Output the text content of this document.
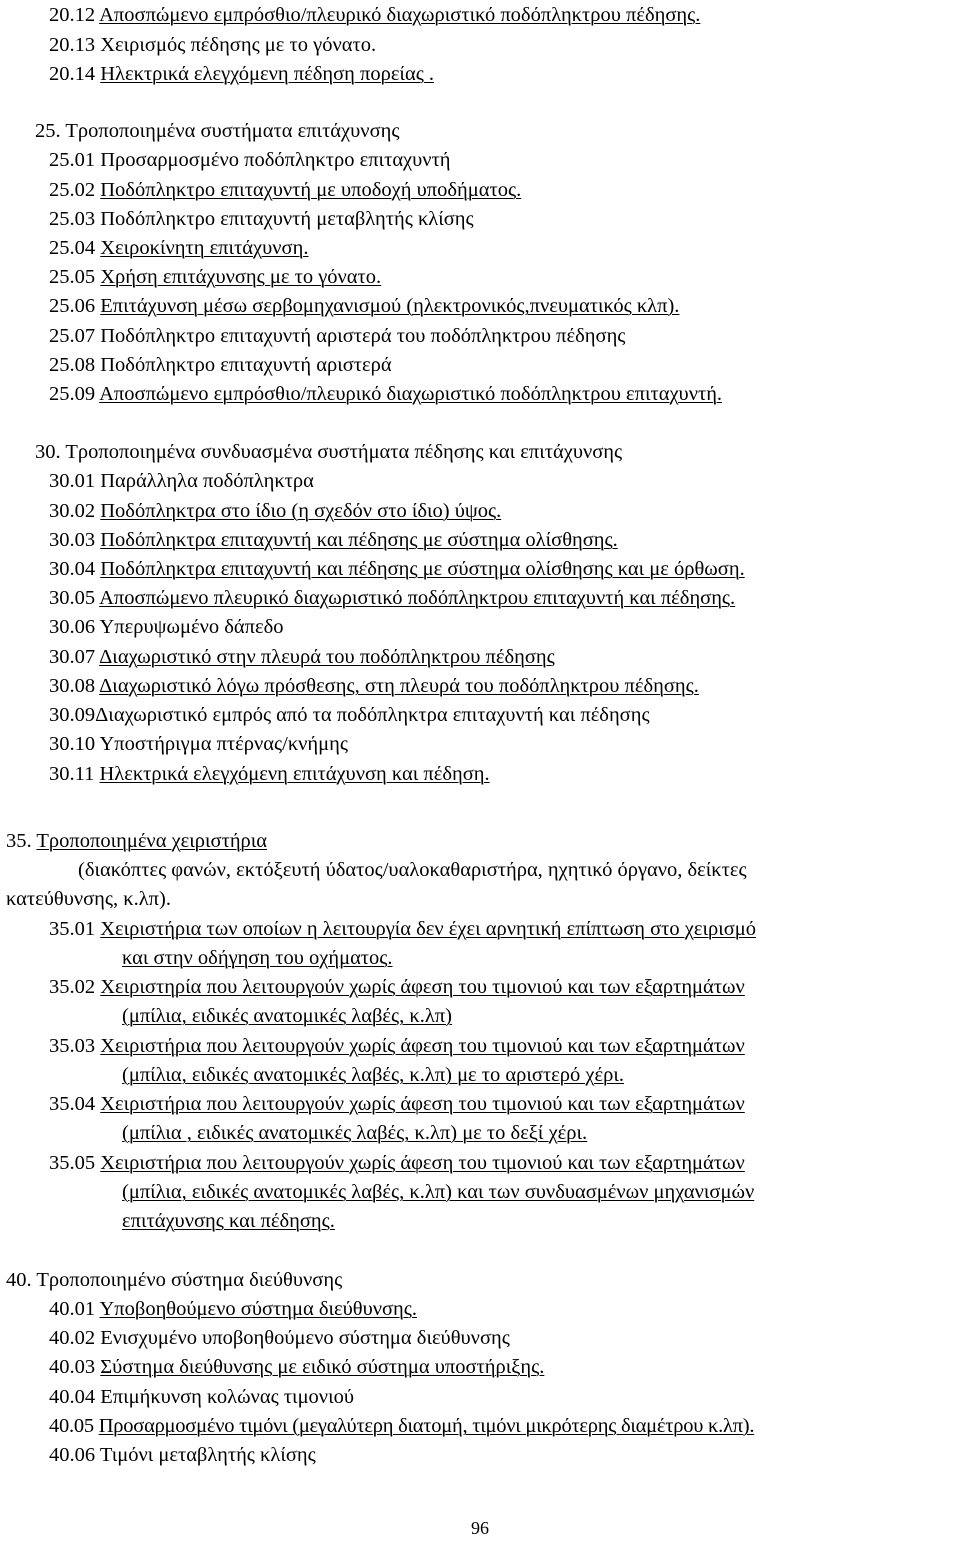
20.12 Αποσπώμενο εμπρόσθιο/πλευρικό διαχωριστικό ποδόπληκτρου πέδησης.
20.13 Χειρισμός πέδησης με το γόνατο.
20.14 Ηλεκτρικά ελεγχόμενη πέδηση πορείας .
25. Τροποποιημένα συστήματα επιτάχυνσης
25.01 Προσαρμοσμένο ποδόπληκτρο επιταχυντή
25.02 Ποδόπληκτρο επιταχυντή με υποδοχή υποδήματος.
25.03 Ποδόπληκτρο επιταχυντή μεταβλητής κλίσης
25.04 Χειροκίνητη επιτάχυνση.
25.05 Χρήση επιτάχυνσης με το γόνατο.
25.06 Επιτάχυνση μέσω σερβομηχανισμού (ηλεκτρονικός,πνευματικός κλπ).
25.07 Ποδόπληκτρο επιταχυντή αριστερά του ποδόπληκτρου πέδησης
25.08 Ποδόπληκτρο επιταχυντή αριστερά
25.09 Αποσπώμενο εμπρόσθιο/πλευρικό διαχωριστικό ποδόπληκτρου επιταχυντή.
30. Τροποποιημένα συνδυασμένα συστήματα πέδησης και επιτάχυνσης
30.01 Παράλληλα ποδόπληκτρα
30.02 Ποδόπληκτρα στο ίδιο (η σχεδόν στο ίδιο) ύψος.
30.03 Ποδόπληκτρα επιταχυντή και πέδησης με σύστημα ολίσθησης.
30.04 Ποδόπληκτρα επιταχυντή και πέδησης με σύστημα ολίσθησης και με όρθωση.
30.05 Αποσπώμενο πλευρικό διαχωριστικό ποδόπληκτρου επιταχυντή και πέδησης.
30.06 Υπερυψωμένο δάπεδο
30.07 Διαχωριστικό στην πλευρά του ποδόπληκτρου πέδησης
30.08 Διαχωριστικό λόγω πρόσθεσης, στη πλευρά του ποδόπληκτρου πέδησης.
30.09Διαχωριστικό εμπρός από τα ποδόπληκτρα επιταχυντή και πέδησης
30.10 Υποστήριγμα πτέρνας/κνήμης
30.11 Ηλεκτρικά ελεγχόμενη επιτάχυνση και πέδηση.
35. Τροποποιημένα χειριστήρια
(διακόπτες φανών, εκτόξευτή ύδατος/υαλοκαθαριστήρα, ηχητικό όργανο, δείκτες
κατεύθυνσης, κ.λπ).
35.01 Χειριστήρια των οποίων η λειτουργία δεν έχει αρνητική επίπτωση στο χειρισμό
και στην οδήγηση του οχήματος.
35.02 Χειριστηρία που λειτουργούν χωρίς άφεση του τιμονιού και των εξαρτημάτων
(μπίλια, ειδικές ανατομικές λαβές, κ.λπ)
35.03 Χειριστήρια που λειτουργούν χωρίς άφεση του τιμονιού και των εξαρτημάτων
(μπίλια, ειδικές ανατομικές λαβές, κ.λπ) με το αριστερό χέρι.
35.04 Χειριστήρια που λειτουργούν χωρίς άφεση του τιμονιού και των εξαρτημάτων
(μπίλια , ειδικές ανατομικές λαβές, κ.λπ) με το δεξί χέρι.
35.05 Χειριστήρια που λειτουργούν χωρίς άφεση του τιμονιού και των εξαρτημάτων
(μπίλια, ειδικές ανατομικές λαβές, κ.λπ) και των συνδυασμένων μηχανισμών
επιτάχυνσης και πέδησης.
40. Τροποποιημένο σύστημα διεύθυνσης
40.01 Υποβοηθούμενο σύστημα διεύθυνσης.
40.02 Ενισχυμένο υποβοηθούμενο σύστημα διεύθυνσης
40.03 Σύστημα διεύθυνσης με ειδικό σύστημα υποστήριξης.
40.04 Επιμήκυνση κολώνας τιμονιού
40.05 Προσαρμοσμένο τιμόνι (μεγαλύτερη διατομή, τιμόνι μικρότερης διαμέτρου κ.λπ).
40.06 Τιμόνι μεταβλητής κλίσης
96
